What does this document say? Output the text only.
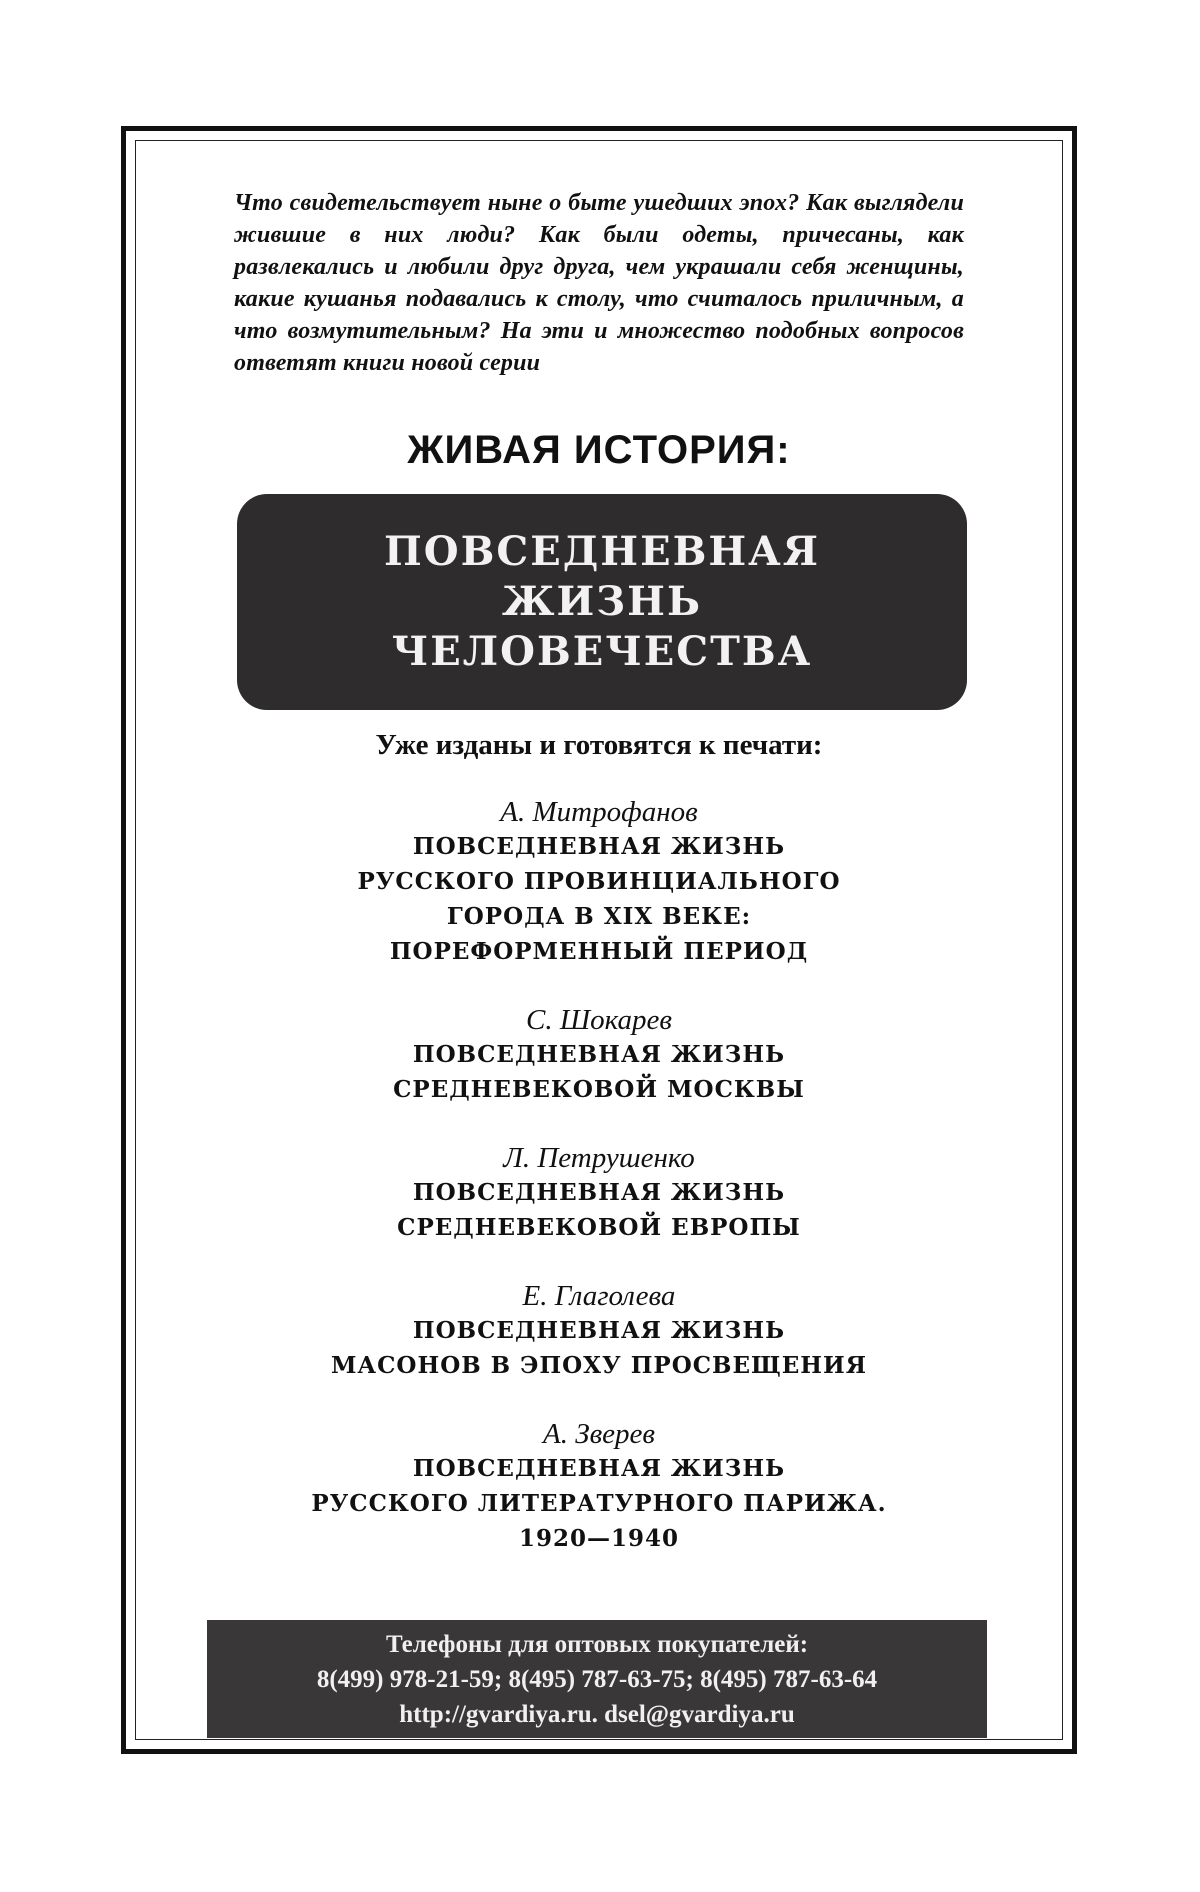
Что свидетельствует ныне о быте ушедших эпох? Как выглядели жившие в них люди? Как были одеты, причесаны, как развлекались и любили друг друга, чем украшали себя женщины, какие кушанья подавались к столу, что считалось приличным, а что возмутительным? На эти и множество подобных вопросов ответят книги новой серии

ЖИВАЯ ИСТОРИЯ:
ПОВСЕДНЕВНАЯ
ЖИЗНЬ
ЧЕЛОВЕЧЕСТВА
Уже изданы и готовятся к печати:
А. Митрофанов
ПОВСЕДНЕВНАЯ ЖИЗНЬ
РУССКОГО ПРОВИНЦИАЛЬНОГО
ГОРОДА В XIX ВЕКЕ:
ПОРЕФОРМЕННЫЙ ПЕРИОД
С. Шокарев
ПОВСЕДНЕВНАЯ ЖИЗНЬ
СРЕДНЕВЕКОВОЙ МОСКВЫ
Л. Петрушенко
ПОВСЕДНЕВНАЯ ЖИЗНЬ
СРЕДНЕВЕКОВОЙ ЕВРОПЫ
Е. Глаголева
ПОВСЕДНЕВНАЯ ЖИЗНЬ
МАСОНОВ В ЭПОХУ ПРОСВЕЩЕНИЯ
А. Зверев
ПОВСЕДНЕВНАЯ ЖИЗНЬ
РУССКОГО ЛИТЕРАТУРНОГО ПАРИЖА.
1920—1940
Телефоны для оптовых покупателей:
8(499) 978-21-59; 8(495) 787-63-75; 8(495) 787-63-64
http://gvardiya.ru. dsel@gvardiya.ru
